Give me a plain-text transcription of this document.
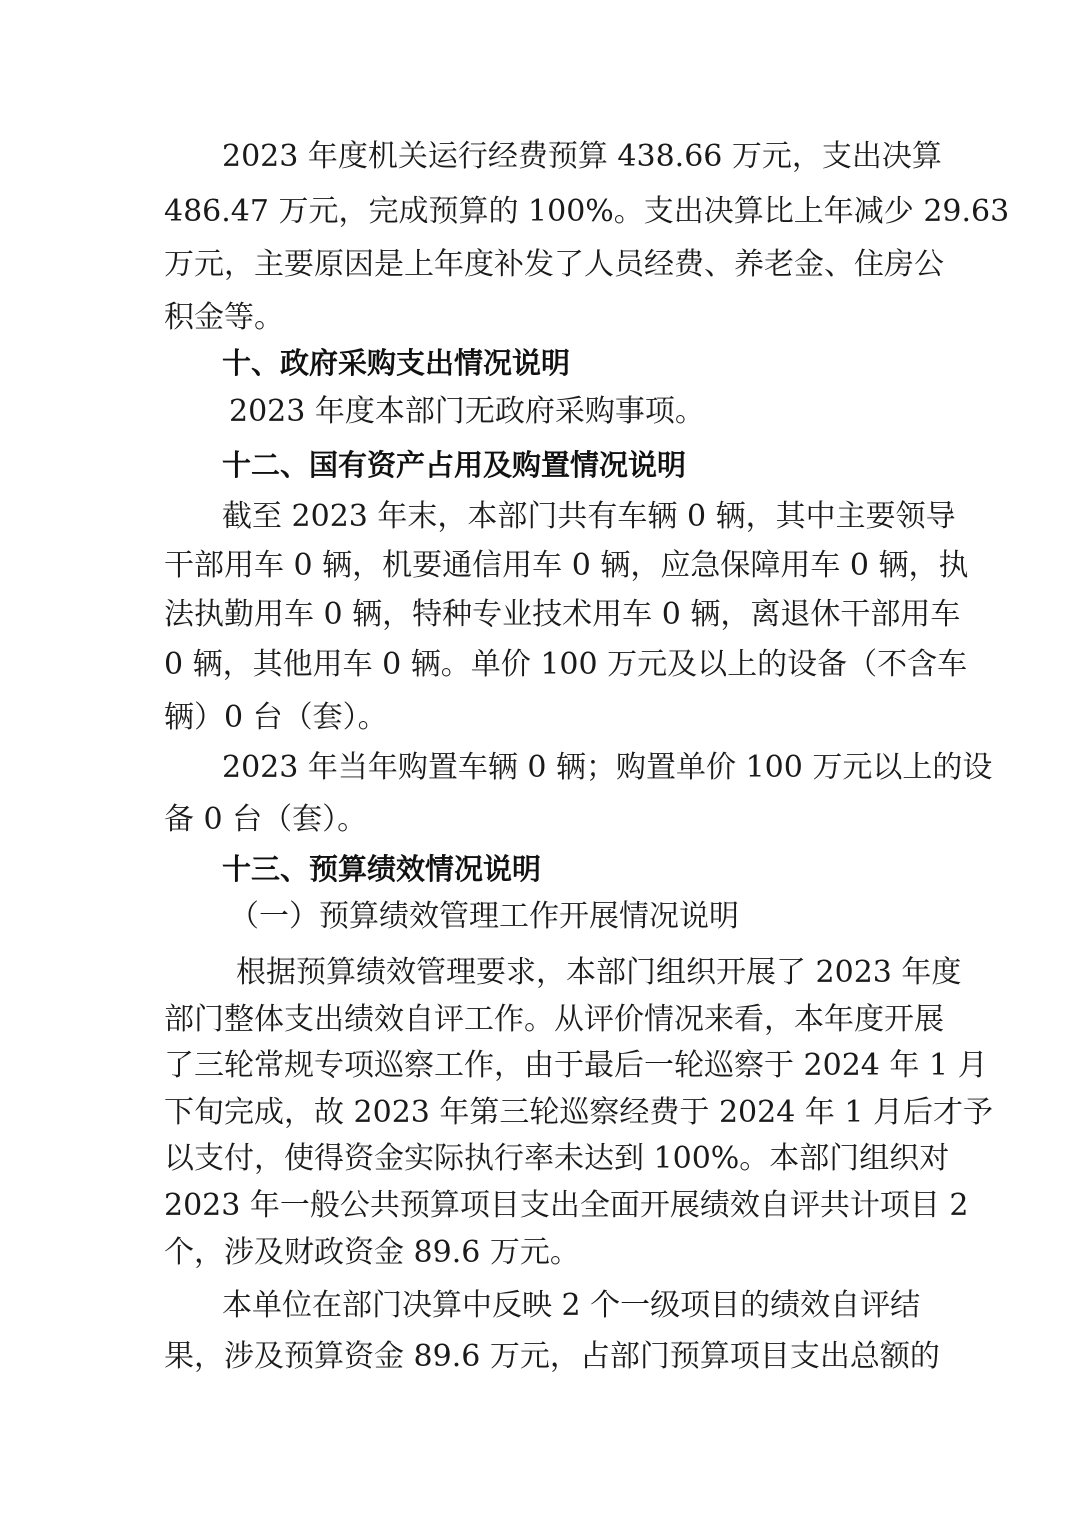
2023 年度机关运行经费预算 438.66 万元，支出决算
486.47 万元，完成预算的 100%。支出决算比上年减少 29.63
万元，主要原因是上年度补发了人员经费、养老金、住房公
积金等。
十、政府采购支出情况说明
2023 年度本部门无政府采购事项。
十二、国有资产占用及购置情况说明
截至 2023 年末，本部门共有车辆 0 辆，其中主要领导
干部用车 0 辆，机要通信用车 0 辆，应急保障用车 0 辆，执
法执勤用车 0 辆，特种专业技术用车 0 辆，离退休干部用车
0 辆，其他用车 0 辆。单价 100 万元及以上的设备（不含车
辆）0 台（套）。
2023 年当年购置车辆 0 辆；购置单价 100 万元以上的设
备 0 台（套）。
十三、预算绩效情况说明
（一）预算绩效管理工作开展情况说明
根据预算绩效管理要求，本部门组织开展了 2023 年度
部门整体支出绩效自评工作。从评价情况来看，本年度开展
了三轮常规专项巡察工作，由于最后一轮巡察于 2024 年 1 月
下旬完成，故 2023 年第三轮巡察经费于 2024 年 1 月后才予
以支付，使得资金实际执行率未达到 100%。本部门组织对
2023 年一般公共预算项目支出全面开展绩效自评共计项目 2
个，涉及财政资金 89.6 万元。
本单位在部门决算中反映 2 个一级项目的绩效自评结
果，涉及预算资金 89.6 万元，占部门预算项目支出总额的
